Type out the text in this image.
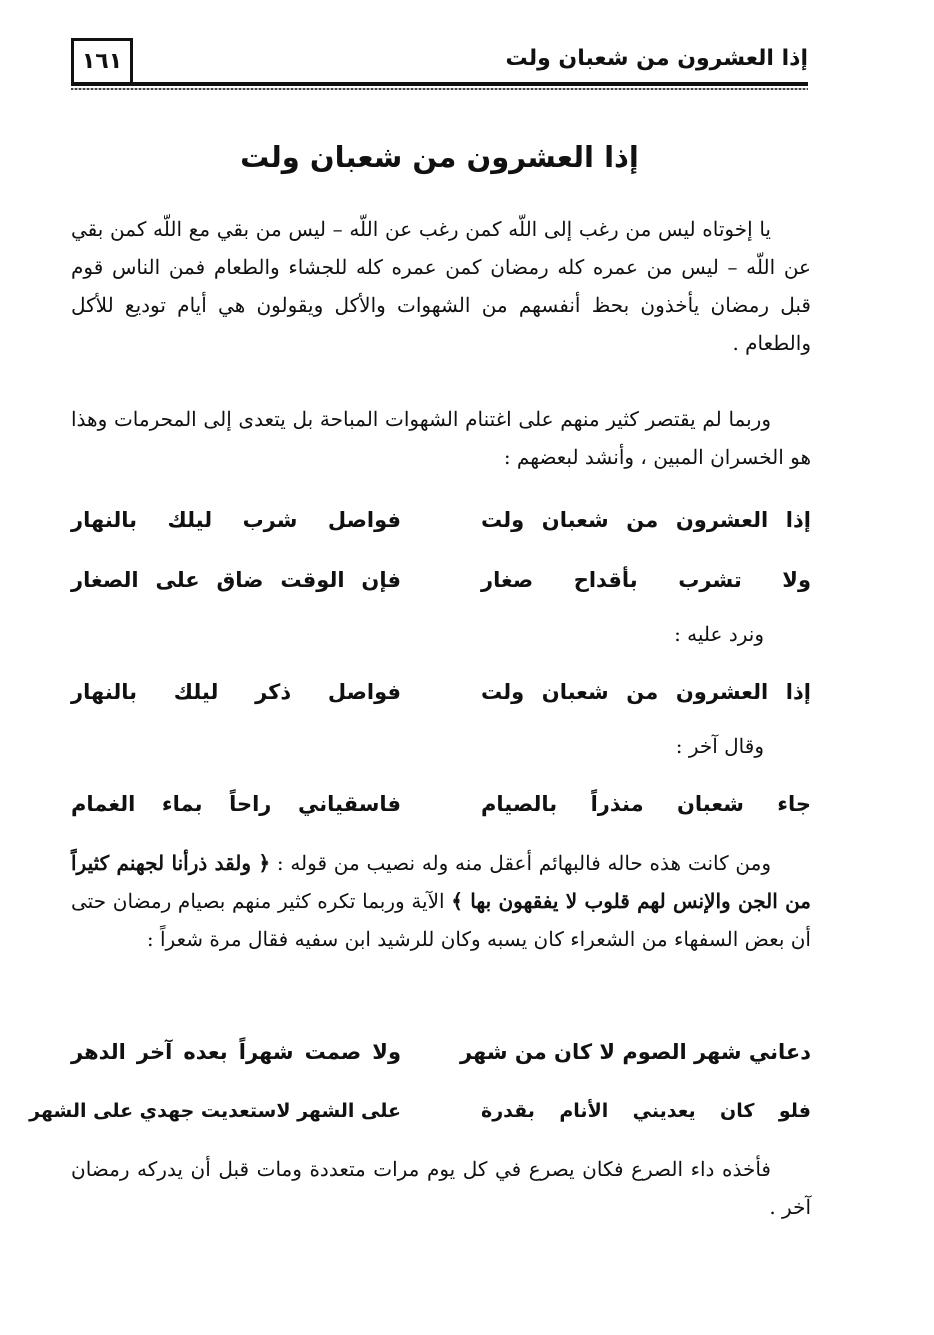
إذا العشرون من شعبان ولت
١٦١
إذا العشرون من شعبان ولت

يا إخوتاه ليس من رغب إلى اللّه كمن رغب عن اللّه – ليس من بقي مع اللّه كمن بقي عن اللّه – ليس من عمره كله رمضان كمن عمره كله للجشاء والطعام فمن الناس قوم قبل رمضان يأخذون بحظ أنفسهم من الشهوات والأكل ويقولون هي أيام توديع للأكل والطعام .

وربما لم يقتصر كثير منهم على اغتنام الشهوات المباحة بل يتعدى إلى المحرمات وهذا هو الخسران المبين ، وأنشد لبعضهم :

إذا العشرون من شعبان ولت
فواصل شرب ليلك بالنهار
ولا تشرب بأقداح صغار
فإن الوقت ضاق على الصغار
ونرد عليه :
إذا العشرون من شعبان ولت
فواصل ذكر ليلك بالنهار
وقال آخر :
جاء شعبان منذراً بالصيام
فاسقياني راحاً بماء الغمام

ومن كانت هذه حاله فالبهائم أعقل منه وله نصيب من قوله : ﴿ ولقد ذرأنا لجهنم كثيراً من الجن والإنس لهم قلوب لا يفقهون بها ﴾ الآية وربما تكره كثير منهم بصيام رمضان حتى أن بعض السفهاء من الشعراء كان يسبه وكان للرشيد ابن سفيه فقال مرة شعراً :

دعاني شهر الصوم لا كان من شهر
ولا صمت شهراً بعده آخر الدهر
فلو كان يعديني الأنام بقدرة
على الشهر لاستعديت جهدي على الشهر

فأخذه داء الصرع فكان يصرع في كل يوم مرات متعددة ومات قبل أن يدركه رمضان آخر .
